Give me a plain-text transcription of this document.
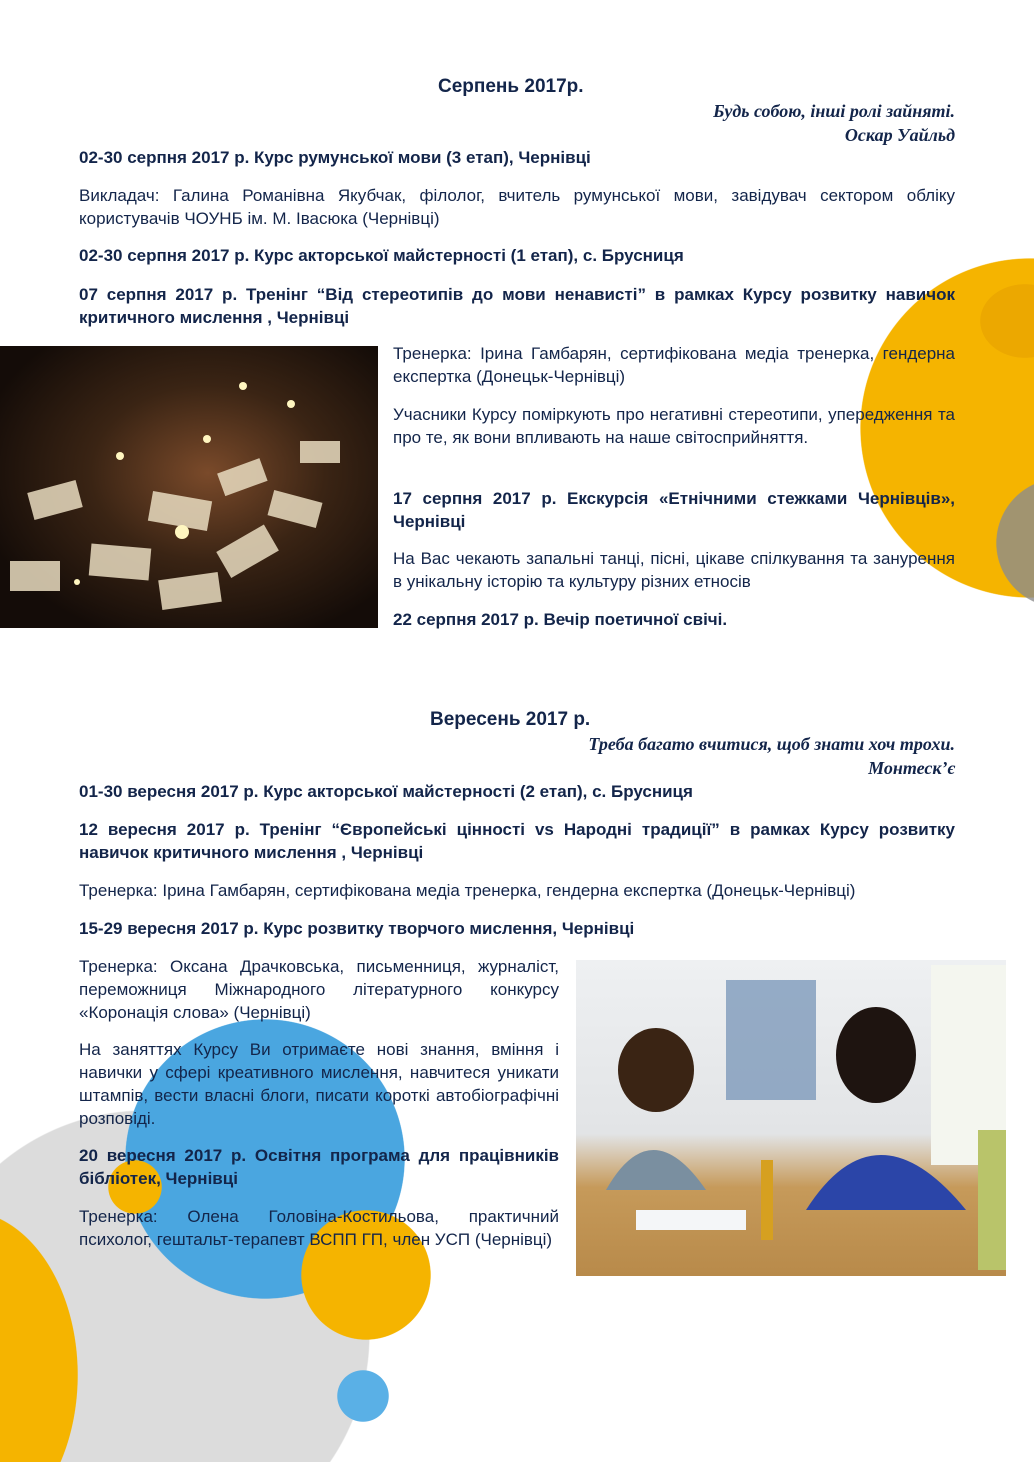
Серпень 2017р.
Будь собою, інші ролі зайняті.
Оскар Уайльд

02-30 серпня 2017 р. Курс румунської мови (3 етап), Чернівці

Викладач: Галина Романівна Якубчак, філолог, вчитель румунської мови, завідувач сектором обліку користувачів ЧОУНБ ім. М. Івасюка (Чернівці)

02-30 серпня 2017 р. Курс акторської майстерності (1 етап), с. Брусниця

07 серпня 2017 р. Тренінг “Від стереотипів до мови ненависті” в рамках Курсу розвитку навичок критичного мислення , Чернівці

Тренерка: Ірина Гамбарян, сертифікована медіа тренерка, гендерна експертка (Донецьк-Чернівці)

Учасники Курсу поміркують про негативні стереотипи, упередження та про те, як вони впливають на наше світосприйняття.

17 серпня 2017 р. Екскурсія «Етнічними стежками Чернівців», Чернівці

На Вас чекають запальні танці, пісні, цікаве спілкування та занурення в унікальну історію та культуру різних етносів

22 серпня 2017 р. Вечір поетичної свічі.

Вересень 2017 р.
Треба багато вчитися, щоб знати хоч трохи.
Монтеск’є

01-30 вересня 2017 р. Курс акторської майстерності (2 етап), с. Брусниця

12 вересня 2017 р. Тренінг “Європейські цінності vs Народні традиції” в рамках Курсу розвитку навичок критичного мислення , Чернівці

Тренерка: Ірина Гамбарян, сертифікована медіа тренерка, гендерна експертка (Донецьк-Чернівці)

15-29 вересня 2017 р. Курс розвитку творчого мислення, Чернівці

Тренерка: Оксана Драчковська, письменниця, журналіст, переможниця Міжнародного літературного конкурсу «Коронація слова» (Чернівці)

На заняттях Курсу Ви отримаєте нові знання, вміння і навички у сфері креативного мислення, навчитеся уникати штампів, вести власні блоги, писати короткі автобіографічні розповіді.

20 вересня 2017 р. Освітня програма для працівників бібліотек, Чернівці

Тренерка: Олена Головіна-Костильова, практичний психолог, гештальт-терапевт ВСПП ГП, член УСП (Чернівці)
